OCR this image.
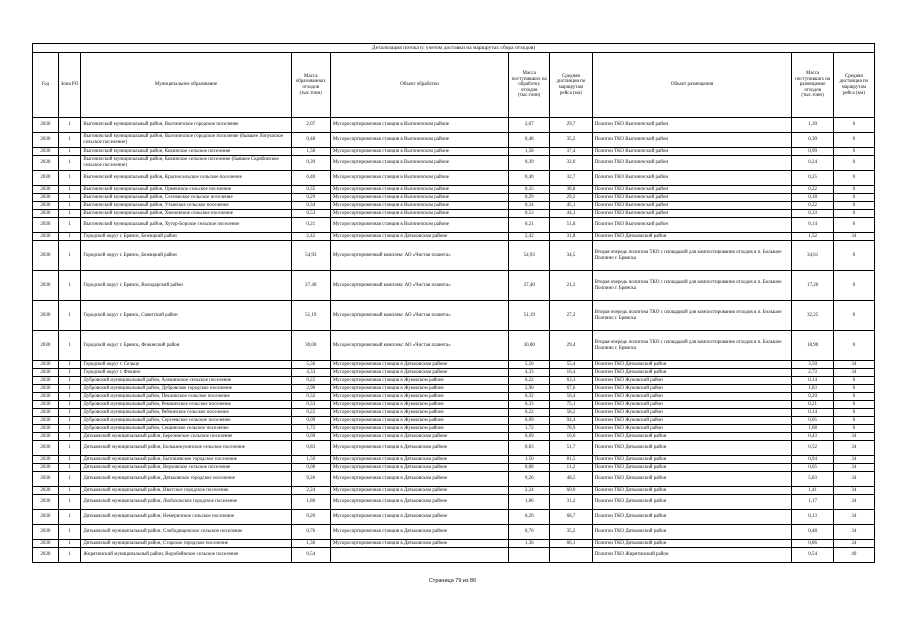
Детализация потока (с учетом доставки на маршрутах сбора отходов)
Год	Зона РО	Муниципальное образование	Масса образованных отходов (тыс.тонн)	Объект обработки	Масса поступивших на обработку отходов (тыс.тонн)	Средняя дистанция по маршрутам рейса (км)	Объект размещения	Масса поступивших на размещение отходов (тыс.тонн)	Средняя дистанция по маршрутам рейса (км)
2030	1	Выгоничский муниципальный район, Выгоничское городское поселение	2,07	Мусоросортировочная станция в Выгоничском районе	2,07	29,7	Полигон ТКО Выгоничский район	1,30	0
2030	1	Выгоничский муниципальный район, Выгоничское городское поселение (бывшее Лопушское сельское поселение)	0,48	Мусоросортировочная станция в Выгоничском районе	0,48	35,2	Полигон ТКО Выгоничский район	0,30	0
2030	1	Выгоничский муниципальный район, Кокинское сельское поселение	1,58	Мусоросортировочная станция в Выгоничском районе	1,58	37,4	Полигон ТКО Выгоничский район	0,99	0
2030	1	Выгоничский муниципальный район, Кокинское сельское поселение (бывшее Скрябинское сельское поселение)	0,39	Мусоросортировочная станция в Выгоничском районе	0,39	32,0	Полигон ТКО Выгоничский район	0,24	0
2030	1	Выгоничский муниципальный район, Красносельское сельское поселение	0,40	Мусоросортировочная станция в Выгоничском районе	0,40	32,7	Полигон ТКО Выгоничский район	0,25	0
2030	1	Выгоничский муниципальный район, Орменское сельское поселение	0,35	Мусоросортировочная станция в Выгоничском районе	0,35	38,8	Полигон ТКО Выгоничский район	0,22	0
2030	1	Выгоничский муниципальный район, Сосновское сельское поселение	0,29	Мусоросортировочная станция в Выгоничском районе	0,29	29,2	Полигон ТКО Выгоничский район	0,18	0
2030	1	Выгоничский муниципальный район, Утынское сельское поселение	0,34	Мусоросортировочная станция в Выгоничском районе	0,34	45,1	Полигон ТКО Выгоничский район	0,22	0
2030	1	Выгоничский муниципальный район, Хмелевское сельское поселение	0,53	Мусоросортировочная станция в Выгоничском районе	0,53	44,3	Полигон ТКО Выгоничский район	0,33	0
2030	1	Выгоничский муниципальный район, Хутор-Борское сельское поселение	0,21	Мусоросортировочная станция в Выгоничском районе	0,21	51,8	Полигон ТКО Выгоничский район	0,14	0
2030	1	Городской округ г. Брянск, Бежицкий район	2,42	Мусоросортировочная станция в Дятьковском районе	2,42	31,8	Полигон ТКО Дятьковский район	1,52	34
2030	1	Городской округ г. Брянск, Бежицкий район	54,93	Мусоросортировочный комплекс АО «Чистая планета»	54,93	34,5	Вторая очередь полигона ТКО с площадкой для компостирования отходов в п. Большое Полпино г. Брянска	34,61	0
2030	1	Городской округ г. Брянск, Володарский район	27,40	Мусоросортировочный комплекс АО «Чистая планета»	27,40	21,2	Вторая очередь полигона ТКО с площадкой для компостирования отходов в п. Большое Полпино г. Брянска	17,26	0
2030	1	Городской округ г. Брянск, Советский район	51,19	Мусоросортировочный комплекс АО «Чистая планета»	51,19	27,2	Вторая очередь полигона ТКО с площадкой для компостирования отходов в п. Большое Полпино г. Брянска	32,25	0
2030	1	Городской округ г. Брянск, Фокинский район	30,00	Мусоросортировочный комплекс АО «Чистая планета»	30,00	29,4	Вторая очередь полигона ТКО с площадкой для компостирования отходов в п. Большое Полпино г. Брянска	18,90	0
2030	1	Городской округ г. Сельцо	5,56	Мусоросортировочная станция в Дятьковском районе	5,56	55,4	Полигон ТКО Дятьковский район	3,50	34
2030	1	Городской округ г. Фокино	4,33	Мусоросортировочная станция в Дятьковском районе	4,33	16,4	Полигон ТКО Дятьковский район	2,73	34
2030	1	Дубровский муниципальный район, Алешинское сельское поселение	0,22	Мусоросортировочная станция в Жуковском районе	0,22	63,3	Полигон ТКО Жуковский район	0,14	0
2030	1	Дубровский муниципальный район, Дубровское городское поселение	2,90	Мусоросортировочная станция в Жуковском районе	2,90	67,6	Полигон ТКО Жуковский район	1,83	0
2030	1	Дубровский муниципальный район, Пеклинское сельское поселение	0,32	Мусоросортировочная станция в Жуковском районе	0,32	56,4	Полигон ТКО Жуковский район	0,20	0
2030	1	Дубровский муниципальный район, Рековичское сельское поселение	0,33	Мусоросортировочная станция в Жуковском районе	0,33	75,1	Полигон ТКО Жуковский район	0,21	0
2030	1	Дубровский муниципальный район, Рябчинское сельское поселение	0,22	Мусоросортировочная станция в Жуковском районе	0,22	58,2	Полигон ТКО Жуковский район	0,14	0
2030	1	Дубровский муниципальный район, Сергеевское сельское поселение	0,09	Мусоросортировочная станция в Жуковском районе	0,09	94,4	Полигон ТКО Жуковский район	0,05	0
2030	1	Дубровский муниципальный район, Сещинское сельское поселение	1,72	Мусоросортировочная станция в Жуковском районе	1,72	78,9	Полигон ТКО Жуковский район	1,08	0
2030	1	Дятьковский муниципальный район, Березинское сельское поселение	0,69	Мусоросортировочная станция в Дятьковском районе	0,69	16,6	Полигон ТКО Дятьковский район	0,43	34
2030	1	Дятьковский муниципальный район, Большежукинское сельское поселение	0,83	Мусоросортировочная станция в Дятьковском районе	0,83	51,7	Полигон ТКО Дятьковский район	0,52	34
2030	1	Дятьковский муниципальный район, Бытошевское городское поселение	1,50	Мусоросортировочная станция в Дятьковском районе	1,50	81,5	Полигон ТКО Дятьковский район	0,94	34
2030	1	Дятьковский муниципальный район, Верховское сельское поселение	0,08	Мусоросортировочная станция в Дятьковском районе	0,08	11,2	Полигон ТКО Дятьковский район	0,05	34
2030	1	Дятьковский муниципальный район, Дятьковское городское поселение	9,26	Мусоросортировочная станция в Дятьковском районе	9,26	48,5	Полигон ТКО Дятьковский район	5,83	34
2030	1	Дятьковский муниципальный район, Ивотское городское поселение	2,24	Мусоросортировочная станция в Дятьковском районе	2,24	60,0	Полигон ТКО Дятьковский район	1,41	34
2030	1	Дятьковский муниципальный район, Любохонское городское поселение	1,86	Мусоросортировочная станция в Дятьковском районе	1,86	31,2	Полигон ТКО Дятьковский район	1,17	34
2030	1	Дятьковский муниципальный район, Немеричское сельское поселение	0,20	Мусоросортировочная станция в Дятьковском районе	0,20	68,7	Полигон ТКО Дятьковский район	0,13	34
2030	1	Дятьковский муниципальный район, Слободищенское сельское поселение	0,76	Мусоросортировочная станция в Дятьковском районе	0,76	35,2	Полигон ТКО Дятьковский район	0,48	34
2030	1	Дятьковский муниципальный район, Старское городское поселение	1,36	Мусоросортировочная станция в Дятьковском районе	1,36	66,1	Полигон ТКО Дятьковский район	0,86	34
2030	1	Жирятинский муниципальный район, Воробейнское сельское поселение	0,54				Полигон ТКО Жирятинский район	0,54	49
Страница 79 из 86
